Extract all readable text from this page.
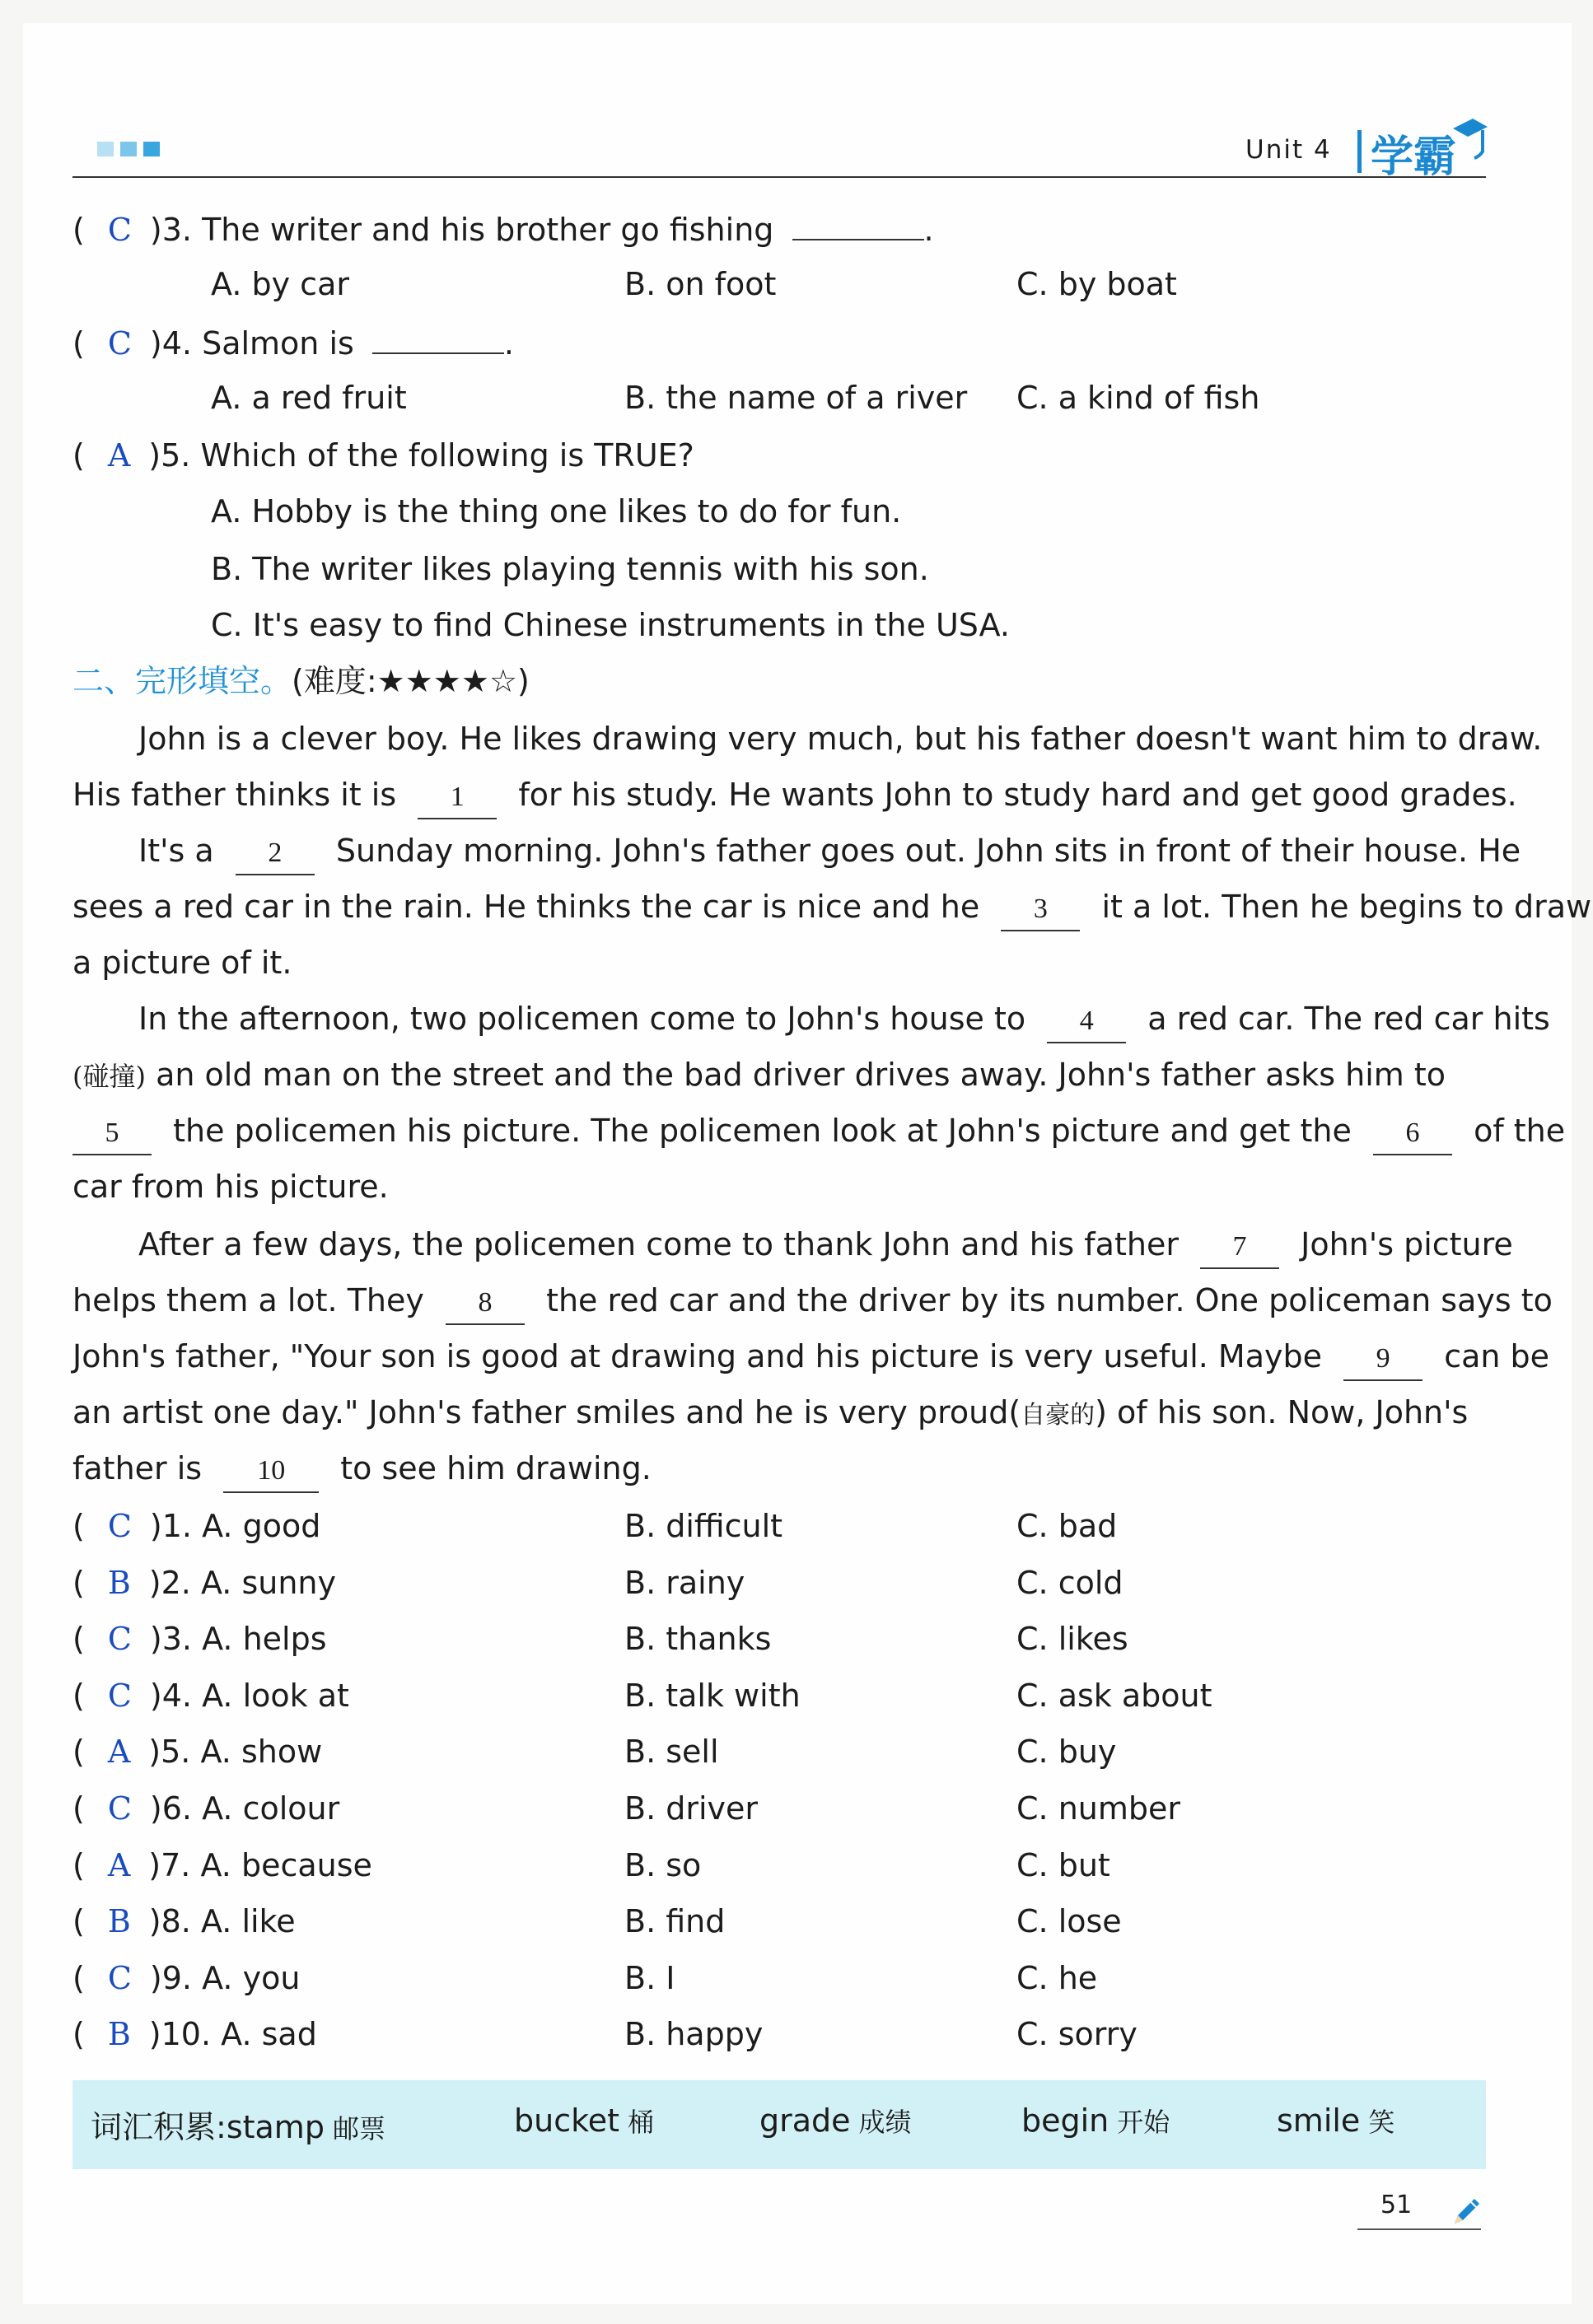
Unit 4 学霸
( C )3. The writer and his brother go fishing	.
A. by car	B. on foot	C. by boat
( C )4. Salmon is	.
A. a red fruit	B. the name of a river C. a kind of fish
( A )5. Which of the following is TRUE?
A. Hobby is the thing one likes to do for fun.
B. The writer likes playing tennis with his son.
C. It's easy to find Chinese instruments in the USA.
二、完形填空。(难度:★★★★☆)
John is a clever boy. He likes drawing very much, but his father doesn't want him to draw.
His father thinks it is 1 for his study. He wants John to study hard and get good grades.
It's a 2 Sunday morning. John's father goes out. John sits in front of their house. He
sees a red car in the rain. He thinks the car is nice and he 3 it a lot. Then he begins to draw
a picture of it.
In the afternoon, two policemen come to John's house to 4 a red car. The red car hits
(碰撞) an old man on the street and the bad driver drives away. John's father asks him to
5 the policemen his picture. The policemen look at John's picture and get the 6 of the
car from his picture.
After a few days, the policemen come to thank John and his father 7 John's picture
helps them a lot. They 8 the red car and the driver by its number. One policeman says to
John's father, "Your son is good at drawing and his picture is very useful. Maybe 9 can be
an artist one day." John's father smiles and he is very proud(自豪的) of his son. Now, John's
father is 10 to see him drawing.
( C )1. A. good	B. difficult	C. bad
( B )2. A. sunny	B. rainy	C. cold
( C )3. A. helps	B. thanks	C. likes
( C )4. A. look at	B. talk with	C. ask about
( A )5. A. show	B. sell	C. buy
( C )6. A. colour	B. driver	C. number
( A )7. A. because	B. so	C. but
( B )8. A. like	B. find	C. lose
( C )9. A. you	B. I	C. he
( B )10. A. sad	B. happy	C. sorry
词汇积累:stamp 邮票	bucket 桶	grade 成绩	begin 开始	smile 笑
51
